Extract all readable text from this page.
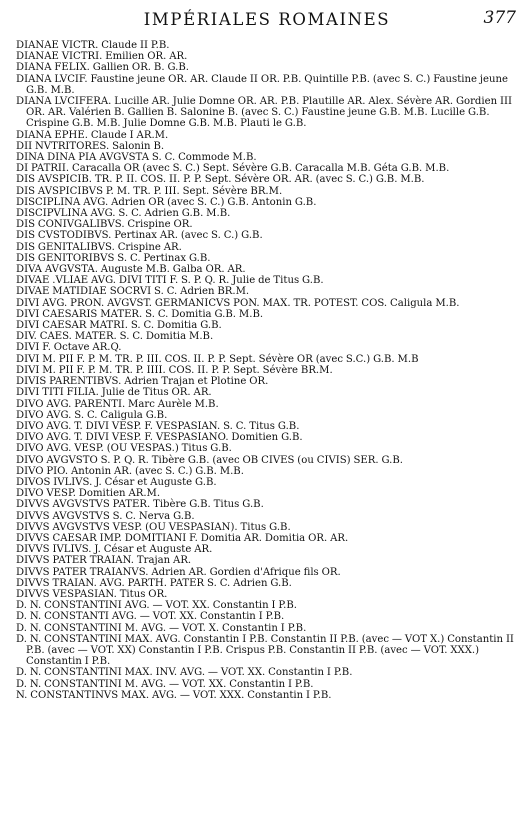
IMPÉRIALES ROMAINES	377

DIANAE VICTR. Claude II P.B.

DIANAE VICTRI. Emilien OR. AR.

DIANA FELIX. Gallien OR. B. G.B.

DIANA LVCIF. Faustine jeune OR. AR. Claude II OR. P.B. Quintille P.B. (avec S. C.) Faustine jeune G.B. M.B.

DIANA LVCIFERA. Lucille AR. Julie Domne OR. AR. P.B. Plautille AR. Alex. Sévère AR. Gordien III OR. AR. Valérien B. Gallien B. Salonine B. (avec S. C.) Faustine jeune G.B. M.B. Lucille G.B. Crispine G.B. M.B. Julie Domne G.B. M.B. Plauti le G.B.

DIANA EPHE. Claude I AR.M.

DII NVTRITORES. Salonin B.

DINA DINA PIA AVGVSTA S. C. Commode M.B.

DI PATRII. Caracalla OR (avec S. C.) Sept. Sévère G.B. Caracalla M.B. Géta G.B. M.B.

DIS AVSPICIB. TR. P. II. COS. II. P. P. Sept. Sévère OR. AR. (avec S. C.) G.B. M.B.

DIS AVSPICIBVS P. M. TR. P. III. Sept. Sévère BR.M.

DISCIPLINA AVG. Adrien OR (avec S. C.) G.B. Antonin G.B.

DISCIPVLINA AVG. S. C. Adrien G.B. M.B.

DIS CONIVGALIBVS. Crispine OR.

DIS CVSTODIBVS. Pertinax AR. (avec S. C.) G.B.

DIS GENITALIBVS. Crispine AR.

DIS GENITORIBVS S. C. Pertinax G.B.

DIVA AVGVSTA. Auguste M.B. Galba OR. AR.

DIVAE .VLIAE AVG. DIVI TITI F. S. P. Q. R. Julie de Titus G.B.

DIVAE MATIDIAE SOCRVI S. C. Adrien BR.M.

DIVI AVG. PRON. AVGVST. GERMANICVS PON. MAX. TR. POTEST. COS. Caligula M.B.

DIVI CAESARIS MATER. S. C. Domitia G.B. M.B.

DIVI CAESAR MATRI. S. C. Domitia G.B.

DIV. CAES. MATER. S. C. Domitia M.B.

DIVI F. Octave AR.Q.

DIVI M. PII F. P. M. TR. P. III. COS. II. P. P. Sept. Sévère OR (avec S.C.) G.B. M.B

DIVI M. PII F. P. M. TR. P. IIII. COS. II. P. P. Sept. Sévère BR.M.

DIVIS PARENTIBVS. Adrien Trajan et Plotine OR.

DIVI TITI FILIA. Julie de Titus OR. AR.

DIVO AVG. PARENTI. Marc Aurèle M.B.

DIVO AVG. S. C. Caligula G.B.

DIVO AVG. T. DIVI VESP. F. VESPASIAN. S. C. Titus G.B.

DIVO AVG. T. DIVI VESP. F. VESPASIANO. Domitien G.B.

DIVO AVG. VESP. (OU VESPAS.) Titus G.B.

DIVO AVGVSTO S. P. Q. R. Tibère G.B. (avec OB CIVES (ou CIVIS) SER. G.B.

DIVO PIO. Antonin AR. (avec S. C.) G.B. M.B.

DIVOS IVLIVS. J. César et Auguste G.B.

DIVO VESP. Domitien AR.M.

DIVVS AVGVSTVS PATER. Tibère G.B. Titus G.B.

DIVVS AVGVSTVS S. C. Nerva G.B.

DIVVS AVGVSTVS VESP. (OU VESPASIAN). Titus G.B.

DIVVS CAESAR IMP. DOMITIANI F. Domitia AR. Domitia OR. AR.

DIVVS IVLIVS. J. César et Auguste AR.

DIVVS PATER TRAIAN. Trajan AR.

DIVVS PATER TRAIANVS. Adrien AR. Gordien d'Afrique fils OR.

DIVVS TRAIAN. AVG. PARTH. PATER S. C. Adrien G.B.

DIVVS VESPASIAN. Titus OR.

D. N. CONSTANTINI AVG. — VOT. XX. Constantin I P.B.

D. N. CONSTANTI AVG. — VOT. XX. Constantin I P.B.

D. N. CONSTANTINI M. AVG. — VOT. X. Constantin I P.B.

D. N. CONSTANTINI MAX. AVG. Constantin I P.B. Constantin II P.B. (avec — VOT X.) Constantin II P.B. (avec — VOT. XX) Constantin I P.B. Crispus P.B. Constantin II P.B. (avec — VOT. XXX.) Constantin I P.B.

D. N. CONSTANTINI MAX. INV. AVG. — VOT. XX. Constantin I P.B.

D. N. CONSTANTINI M. AVG. — VOT. XX. Constantin I P.B.

N. CONSTANTINVS MAX. AVG. — VOT. XXX. Constantin I P.B.
